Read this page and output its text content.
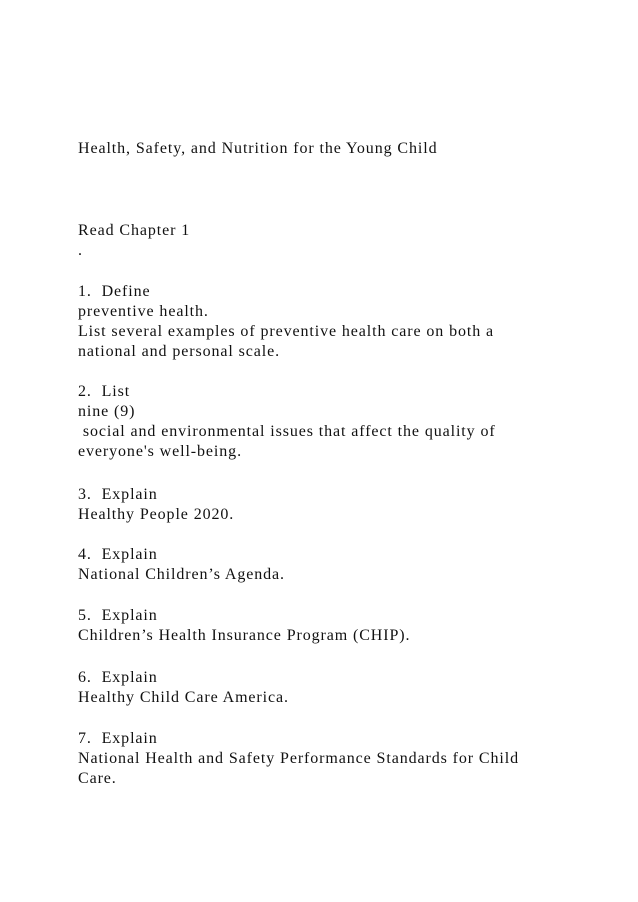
Health, Safety, and Nutrition for the Young Child
Read Chapter 1
.
1.  Define
preventive health.
List several examples of preventive health care on both a
national and personal scale.
2.  List
nine (9)
social and environmental issues that affect the quality of
everyone's well-being.
3.  Explain
Healthy People 2020.
4.  Explain
National Children’s Agenda.
5.  Explain
Children’s Health Insurance Program (CHIP).
6.  Explain
Healthy Child Care America.
7.  Explain
National Health and Safety Performance Standards for Child
Care.
